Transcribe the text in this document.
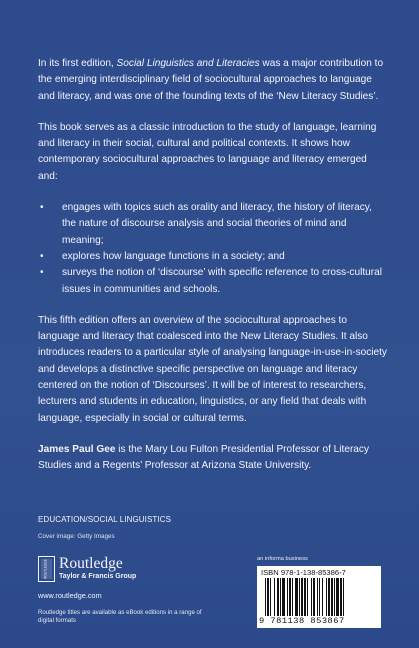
In its first edition, Social Linguistics and Literacies was a major contribution to the emerging interdisciplinary field of sociocultural approaches to language and literacy, and was one of the founding texts of the ‘New Literacy Studies’.

This book serves as a classic introduction to the study of language, learning and literacy in their social, cultural and political contexts. It shows how contemporary sociocultural approaches to language and literacy emerged and:

• engages with topics such as orality and literacy, the history of literacy, the nature of discourse analysis and social theories of mind and meaning;
• explores how language functions in a society; and
• surveys the notion of ‘discourse’ with specific reference to cross-cultural issues in communities and schools.

This fifth edition offers an overview of the sociocultural approaches to language and literacy that coalesced into the New Literacy Studies. It also introduces readers to a particular style of analysing language-in-use-in-society and develops a distinctive specific perspective on language and literacy centered on the notion of ‘Discourses’. It will be of interest to researchers, lecturers and students in education, linguistics, or any field that deals with language, especially in social or cultural terms.

James Paul Gee is the Mary Lou Fulton Presidential Professor of Literacy Studies and a Regents’ Professor at Arizona State University.

EDUCATION/SOCIAL LINGUISTICS
Cover image: Getty Images
ROUTLEDGE Routledge
Taylor & Francis Group
www.routledge.com
Routledge titles are available as eBook editions in a range of digital formats
an informa business
ISBN 978-1-138-85386-7
9 781138 853867
